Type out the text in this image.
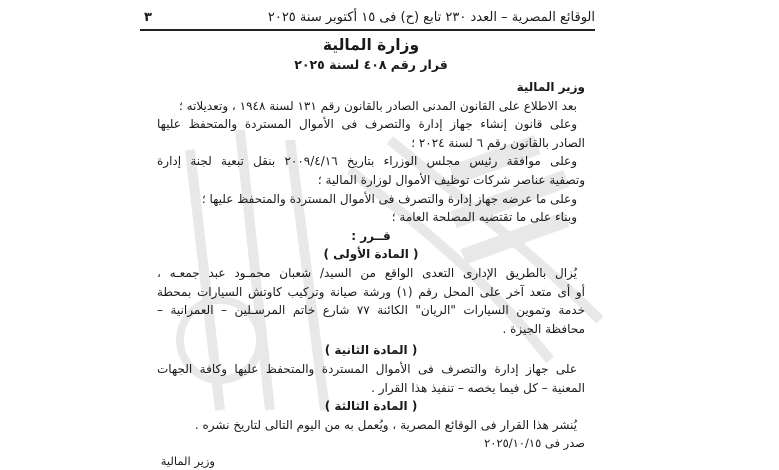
الوقائع المصرية – العدد ٢٣٠ تابع (ح) فى ١٥ أكتوبر سنة ٢٠٢٥
٣
وزارة المالية
قرار رقم ٤٠٨ لسنة ٢٠٢٥
وزير المالية
بعد الاطلاع على القانون المدنى الصادر بالقانون رقم ١٣١ لسنة ١٩٤٨ ، وتعديلاته ؛
وعلى قانون إنشاء جهاز إدارة والتصرف فى الأموال المستردة والمتحفظ عليها
الصادر بالقانون رقم ٦ لسنة ٢٠٢٤ ؛
وعلى موافقة رئيس مجلس الوزراء بتاريخ ٢٠٠٩/٤/١٦ بنقل تبعية لجنة إدارة
وتصفية عناصر شركات توظيف الأموال لوزارة المالية ؛
وعلى ما عرضه جهاز إدارة والتصرف فى الأموال المستردة والمتحفظ عليها ؛
وبناء على ما تقتضيه المصلحة العامة ؛
قــرر :
( المادة الأولى )
يُزال بالطريق الإدارى التعدى الواقع من السيد/ شعبان محمـود عبد جمعـه ،
أو أى متعد آخر على المحل رقم (١) ورشة صيانة وتركيب كاوتش السيارات بمحطة
خدمة وتموين السيارات "الريان" الكائنة ٧٧ شارع خاتم المرسـلين – العمرانية –
محافظة الجيزة .
( المادة الثانية )
على جهاز إدارة والتصرف فى الأموال المستردة والمتحفظ عليها وكافة الجهات
المعنية – كل فيما يخصه – تنفيذ هذا القرار .
( المادة الثالثة )
يُنشر هذا القرار فى الوقائع المصرية ، ويُعمل به من اليوم التالى لتاريخ نشره .
صدر فى ٢٠٢٥/١٠/١٥
وزير المالية
